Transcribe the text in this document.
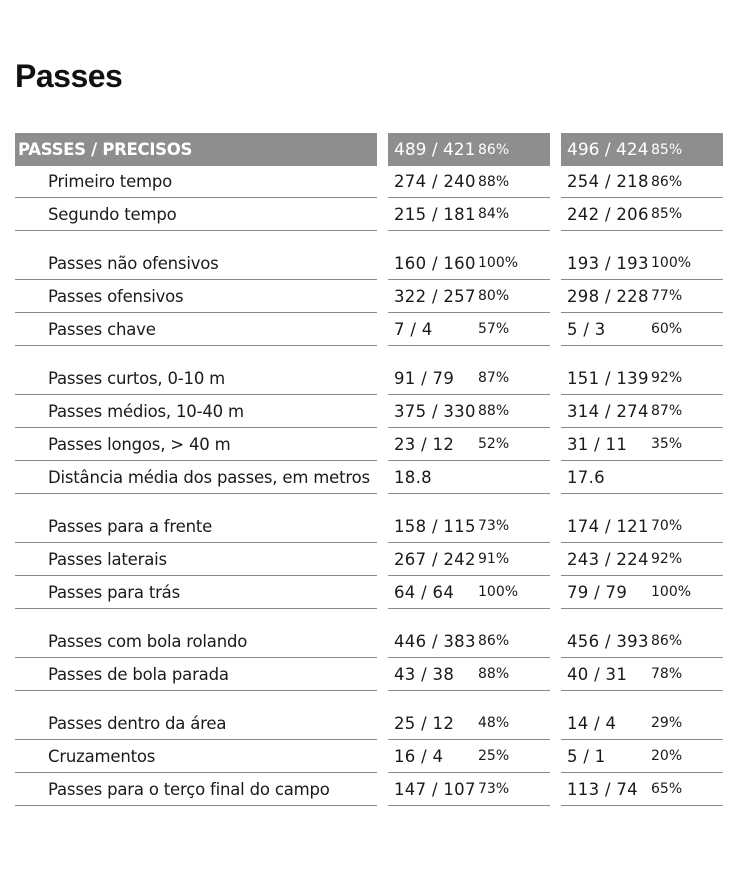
Passes
PASSES / PRECISOS		489 / 421	86%		496 / 424	85%
Primeiro tempo		274 / 240	88%		254 / 218	86%
Segundo tempo		215 / 181	84%		242 / 206	85%
Passes não ofensivos		160 / 160	100%		193 / 193	100%
Passes ofensivos		322 / 257	80%		298 / 228	77%
Passes chave		7 / 4	57%		5 / 3	60%
Passes curtos, 0-10 m		91 / 79	87%		151 / 139	92%
Passes médios, 10-40 m		375 / 330	88%		314 / 274	87%
Passes longos, > 40 m		23 / 12	52%		31 / 11	35%
Distância média dos passes, em metros		18.8			17.6	
Passes para a frente		158 / 115	73%		174 / 121	70%
Passes laterais		267 / 242	91%		243 / 224	92%
Passes para trás		64 / 64	100%		79 / 79	100%
Passes com bola rolando		446 / 383	86%		456 / 393	86%
Passes de bola parada		43 / 38	88%		40 / 31	78%
Passes dentro da área		25 / 12	48%		14 / 4	29%
Cruzamentos		16 / 4	25%		5 / 1	20%
Passes para o terço final do campo		147 / 107	73%		113 / 74	65%
